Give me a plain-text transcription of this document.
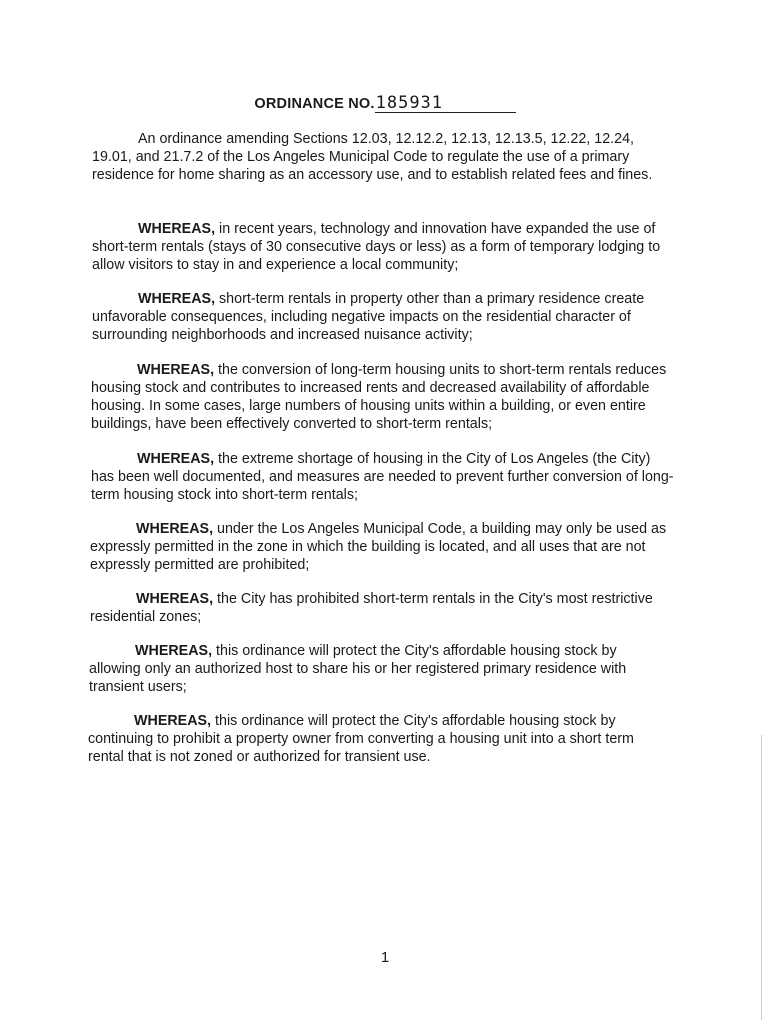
ORDINANCE NO.185931

An ordinance amending Sections 12.03, 12.12.2, 12.13, 12.13.5, 12.22, 12.24, 19.01, and 21.7.2 of the Los Angeles Municipal Code to regulate the use of a primary residence for home sharing as an accessory use, and to establish related fees and fines.

WHEREAS, in recent years, technology and innovation have expanded the use of short-term rentals (stays of 30 consecutive days or less) as a form of temporary lodging to allow visitors to stay in and experience a local community;

WHEREAS, short-term rentals in property other than a primary residence create unfavorable consequences, including negative impacts on the residential character of surrounding neighborhoods and increased nuisance activity;

WHEREAS, the conversion of long-term housing units to short-term rentals reduces housing stock and contributes to increased rents and decreased availability of affordable housing. In some cases, large numbers of housing units within a building, or even entire buildings, have been effectively converted to short-term rentals;

WHEREAS, the extreme shortage of housing in the City of Los Angeles (the City) has been well documented, and measures are needed to prevent further conversion of long-term housing stock into short-term rentals;

WHEREAS, under the Los Angeles Municipal Code, a building may only be used as expressly permitted in the zone in which the building is located, and all uses that are not expressly permitted are prohibited;

WHEREAS, the City has prohibited short-term rentals in the City's most restrictive residential zones;

WHEREAS, this ordinance will protect the City's affordable housing stock by allowing only an authorized host to share his or her registered primary residence with transient users;

WHEREAS, this ordinance will protect the City's affordable housing stock by continuing to prohibit a property owner from converting a housing unit into a short term rental that is not zoned or authorized for transient use.

1
